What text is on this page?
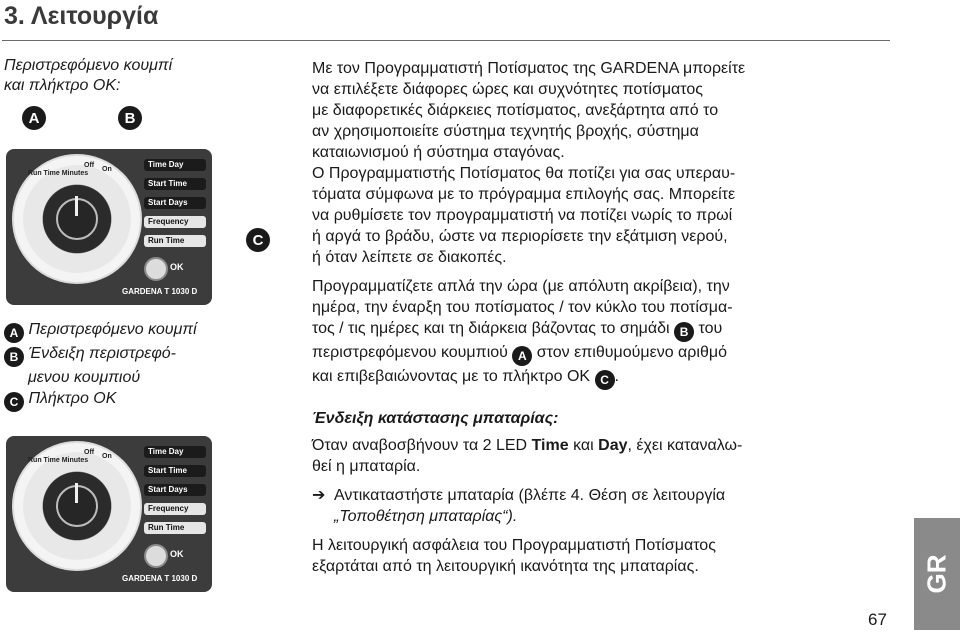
3. Λειτουργία
Περιστρεφόμενο κουμπί
και πλήκτρο OK:
A	B
C
Run Time Minutes
Off
On
Time Day
Start Time
Start Days
Frequency
Run Time
OK
GARDENA T 1030 D
A Περιστρεφόμενο κουμπί
B Ένδειξη περιστρεφό-
μενου κουμπιού
C Πλήκτρο OK
Run Time Minutes
Off
On
Time Day
Start Time
Start Days
Frequency
Run Time
OK
GARDENA T 1030 D

Με τον Προγραμματιστή Ποτίσματος της GARDENA μπορείτε
να επιλέξετε διάφορες ώρες και συχνότητες ποτίσματος
με διαφορετικές διάρκειες ποτίσματος, ανεξάρτητα από το
αν χρησιμοποιείτε σύστημα τεχνητής βροχής, σύστημα
καταιωνισμού ή σύστημα σταγόνας.
Ο Προγραμματιστής Ποτίσματος θα ποτίζει για σας υπεραυ-
τόματα σύμφωνα με το πρόγραμμα επιλογής σας. Μπορείτε
να ρυθμίσετε τον προγραμματιστή να ποτίζει νωρίς το πρωί
ή αργά το βράδυ, ώστε να περιορίσετε την εξάτμιση νερού,
ή όταν λείπετε σε διακοπές.

Προγραμματίζετε απλά την ώρα (με απόλυτη ακρίβεια), την
ημέρα, την έναρξη του ποτίσματος / τον κύκλο του ποτίσμα-
τος / τις ημέρες και τη διάρκεια βάζοντας το σημάδι B του
περιστρεφόμενου κουμπιού A στον επιθυμούμενο αριθμό
και επιβεβαιώνοντας με το πλήκτρο OK C .

Ένδειξη κατάστασης μπαταρίας:

Όταν αναβοσβήνουν τα 2 LED Time και Day, έχει καταναλω-
θεί η μπαταρία.

➔ Αντικαταστήστε μπαταρία (βλέπε 4. Θέση σε λειτουργία
„Τοποθέτηση μπαταρίας“).

Η λειτουργική ασφάλεια του Προγραμματιστή Ποτίσματος
εξαρτάται από τη λειτουργική ικανότητα της μπαταρίας.

67
GR
